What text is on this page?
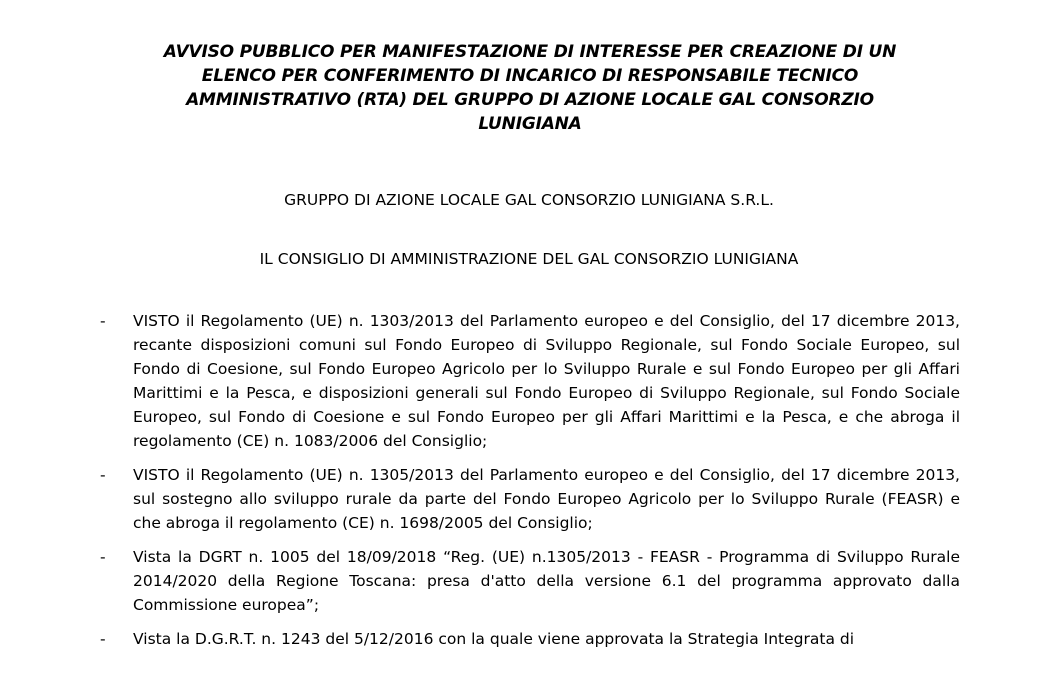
AVVISO PUBBLICO PER MANIFESTAZIONE DI INTERESSE PER CREAZIONE DI UN
ELENCO PER CONFERIMENTO DI INCARICO DI RESPONSABILE TECNICO
AMMINISTRATIVO (RTA) DEL GRUPPO DI AZIONE LOCALE GAL CONSORZIO
LUNIGIANA

GRUPPO DI AZIONE LOCALE GAL CONSORZIO LUNIGIANA S.R.L.

IL CONSIGLIO DI AMMINISTRAZIONE DEL GAL CONSORZIO LUNIGIANA

-	VISTO il Regolamento (UE) n. 1303/2013 del Parlamento europeo e del Consiglio, del 17 dicembre 2013, recante disposizioni comuni sul Fondo Europeo di Sviluppo Regionale, sul Fondo Sociale Europeo, sul Fondo di Coesione, sul Fondo Europeo Agricolo per lo Sviluppo Rurale e sul Fondo Europeo per gli Affari Marittimi e la Pesca, e disposizioni generali sul Fondo Europeo di Sviluppo Regionale, sul Fondo Sociale Europeo, sul Fondo di Coesione e sul Fondo Europeo per gli Affari Marittimi e la Pesca, e che abroga il regolamento (CE) n. 1083/2006 del Consiglio;
-	VISTO il Regolamento (UE) n. 1305/2013 del Parlamento europeo e del Consiglio, del 17 dicembre 2013, sul sostegno allo sviluppo rurale da parte del Fondo Europeo Agricolo per lo Sviluppo Rurale (FEASR) e che abroga il regolamento (CE) n. 1698/2005 del Consiglio;
-	Vista la DGRT n. 1005 del 18/09/2018 “Reg. (UE) n.1305/2013 - FEASR - Programma di Sviluppo Rurale 2014/2020 della Regione Toscana: presa d'atto della versione 6.1 del programma approvato dalla Commissione europea”;
-	Vista la D.G.R.T. n. 1243 del 5/12/2016 con la quale viene approvata la Strategia Integrata di
